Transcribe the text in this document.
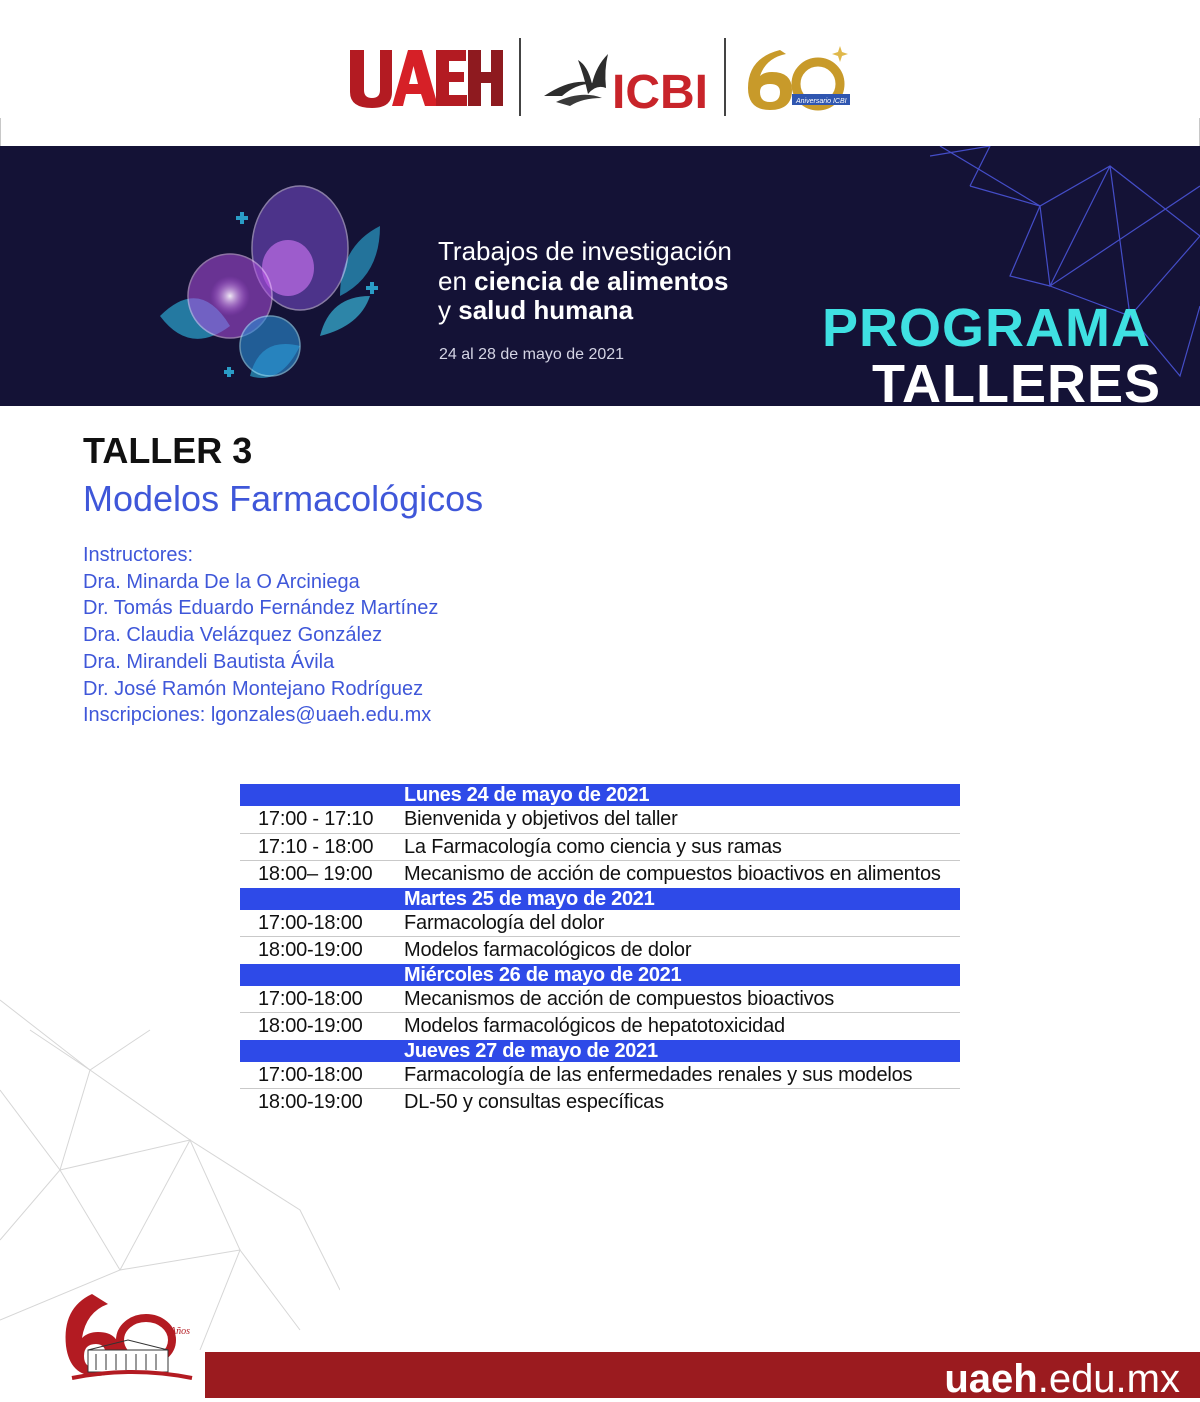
ICBI	Aniversario ICBI
Trabajos de investigación
en ciencia de alimentos
y salud humana
24 al 28 de mayo de 2021	PROGRAMA
TALLERES
TALLER 3
Modelos Farmacológicos
Instructores:
Dra. Minarda De la O Arciniega
Dr. Tomás Eduardo Fernández Martínez
Dra. Claudia Velázquez González
Dra. Mirandeli Bautista Ávila
Dr. José Ramón Montejano Rodríguez
Inscripciones: lgonzales@uaeh.edu.mx
Lunes 24 de mayo de 2021
17:00 - 17:10 Bienvenida y objetivos del taller
17:10 - 18:00 La Farmacología como ciencia y sus ramas
18:00– 19:00 Mecanismo de acción de compuestos bioactivos en alimentos
Martes 25 de mayo de 2021
17:00-18:00 Farmacología del dolor
18:00-19:00 Modelos farmacológicos de dolor
Miércoles 26 de mayo de 2021
17:00-18:00 Mecanismos de acción de compuestos bioactivos
18:00-19:00 Modelos farmacológicos de hepatotoxicidad
Jueves 27 de mayo de 2021
17:00-18:00 Farmacología de las enfermedades renales y sus modelos
18:00-19:00 DL-50 y consultas específicas
uaeh.edu.mx
Años
